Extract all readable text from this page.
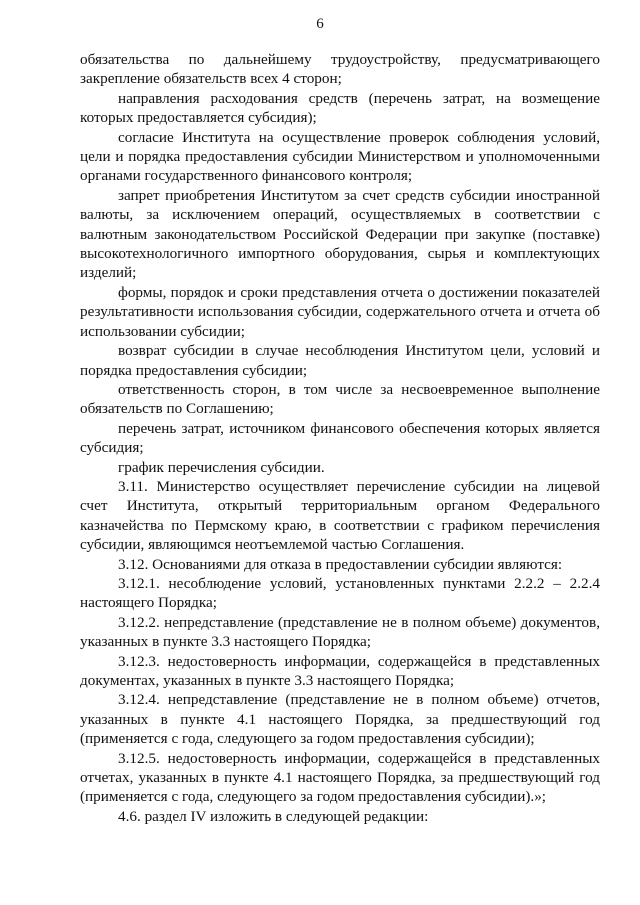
6

обязательства по дальнейшему трудоустройству, предусматривающего закрепление обязательств всех 4 сторон;

направления расходования средств (перечень затрат, на возмещение которых предоставляется субсидия);

согласие Института на осуществление проверок соблюдения условий, цели и порядка предоставления субсидии Министерством и уполномоченными органами государственного финансового контроля;

запрет приобретения Институтом за счет средств субсидии иностранной валюты, за исключением операций, осуществляемых в соответствии с валютным законодательством Российской Федерации при закупке (поставке) высокотехнологичного импортного оборудования, сырья и комплектующих изделий;

формы, порядок и сроки представления отчета о достижении показателей результативности использования субсидии, содержательного отчета и отчета об использовании субсидии;

возврат субсидии в случае несоблюдения Институтом цели, условий и порядка предоставления субсидии;

ответственность сторон, в том числе за несвоевременное выполнение обязательств по Соглашению;

перечень затрат, источником финансового обеспечения которых является субсидия;

график перечисления субсидии.

3.11. Министерство осуществляет перечисление субсидии на лицевой счет Института, открытый территориальным органом Федерального казначейства по Пермскому краю, в соответствии с графиком перечисления субсидии, являющимся неотъемлемой частью Соглашения.

3.12. Основаниями для отказа в предоставлении субсидии являются:

3.12.1. несоблюдение условий, установленных пунктами 2.2.2 – 2.2.4 настоящего Порядка;

3.12.2. непредставление (представление не в полном объеме) документов, указанных в пункте 3.3 настоящего Порядка;

3.12.3. недостоверность информации, содержащейся в представленных документах, указанных в пункте 3.3 настоящего Порядка;

3.12.4. непредставление (представление не в полном объеме) отчетов, указанных в пункте 4.1 настоящего Порядка, за предшествующий год (применяется с года, следующего за годом предоставления субсидии);

3.12.5. недостоверность информации, содержащейся в представленных отчетах, указанных в пункте 4.1 настоящего Порядка, за предшествующий год (применяется с года, следующего за годом предоставления субсидии).»;

4.6. раздел IV изложить в следующей редакции:
